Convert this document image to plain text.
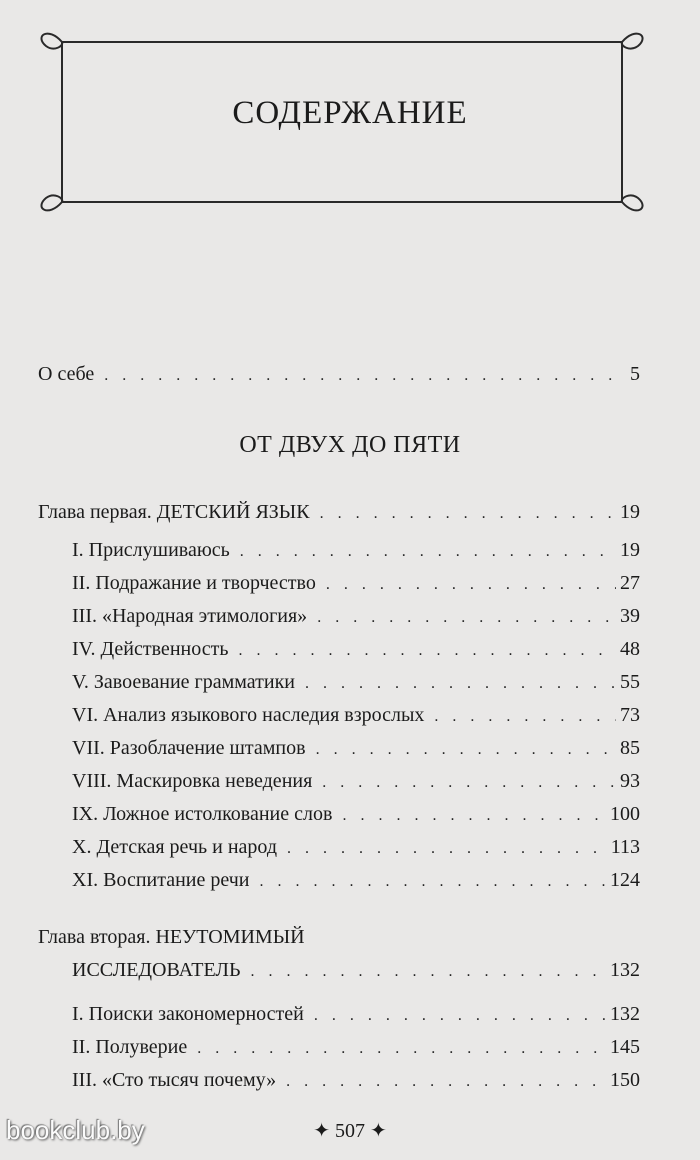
СОДЕРЖАНИЕ
О себе . . .	5
ОТ ДВУХ ДО ПЯТИ
Глава первая. ДЕТСКИЙ ЯЗЫК . . .	19
I. Прислушиваюсь . . .	19
II. Подражание и творчество . . .	27
III. «Народная этимология» . . .	39
IV. Действенность . . .	48
V. Завоевание грамматики . . .	55
VI. Анализ языкового наследия взрослых . . .	73
VII. Разоблачение штампов . . .	85
VIII. Маскировка неведения . . .	93
IX. Ложное истолкование слов . . .	100
X. Детская речь и народ . . .	113
XI. Воспитание речи . . .	124
Глава вторая. НЕУТОМИМЫЙ
ИССЛЕДОВАТЕЛЬ . . .	132
I. Поиски закономерностей . . .	132
II. Полуверие . . .	145
III. «Сто тысяч почему» . . .	150
✦ 507 ✦
bookclub.by
